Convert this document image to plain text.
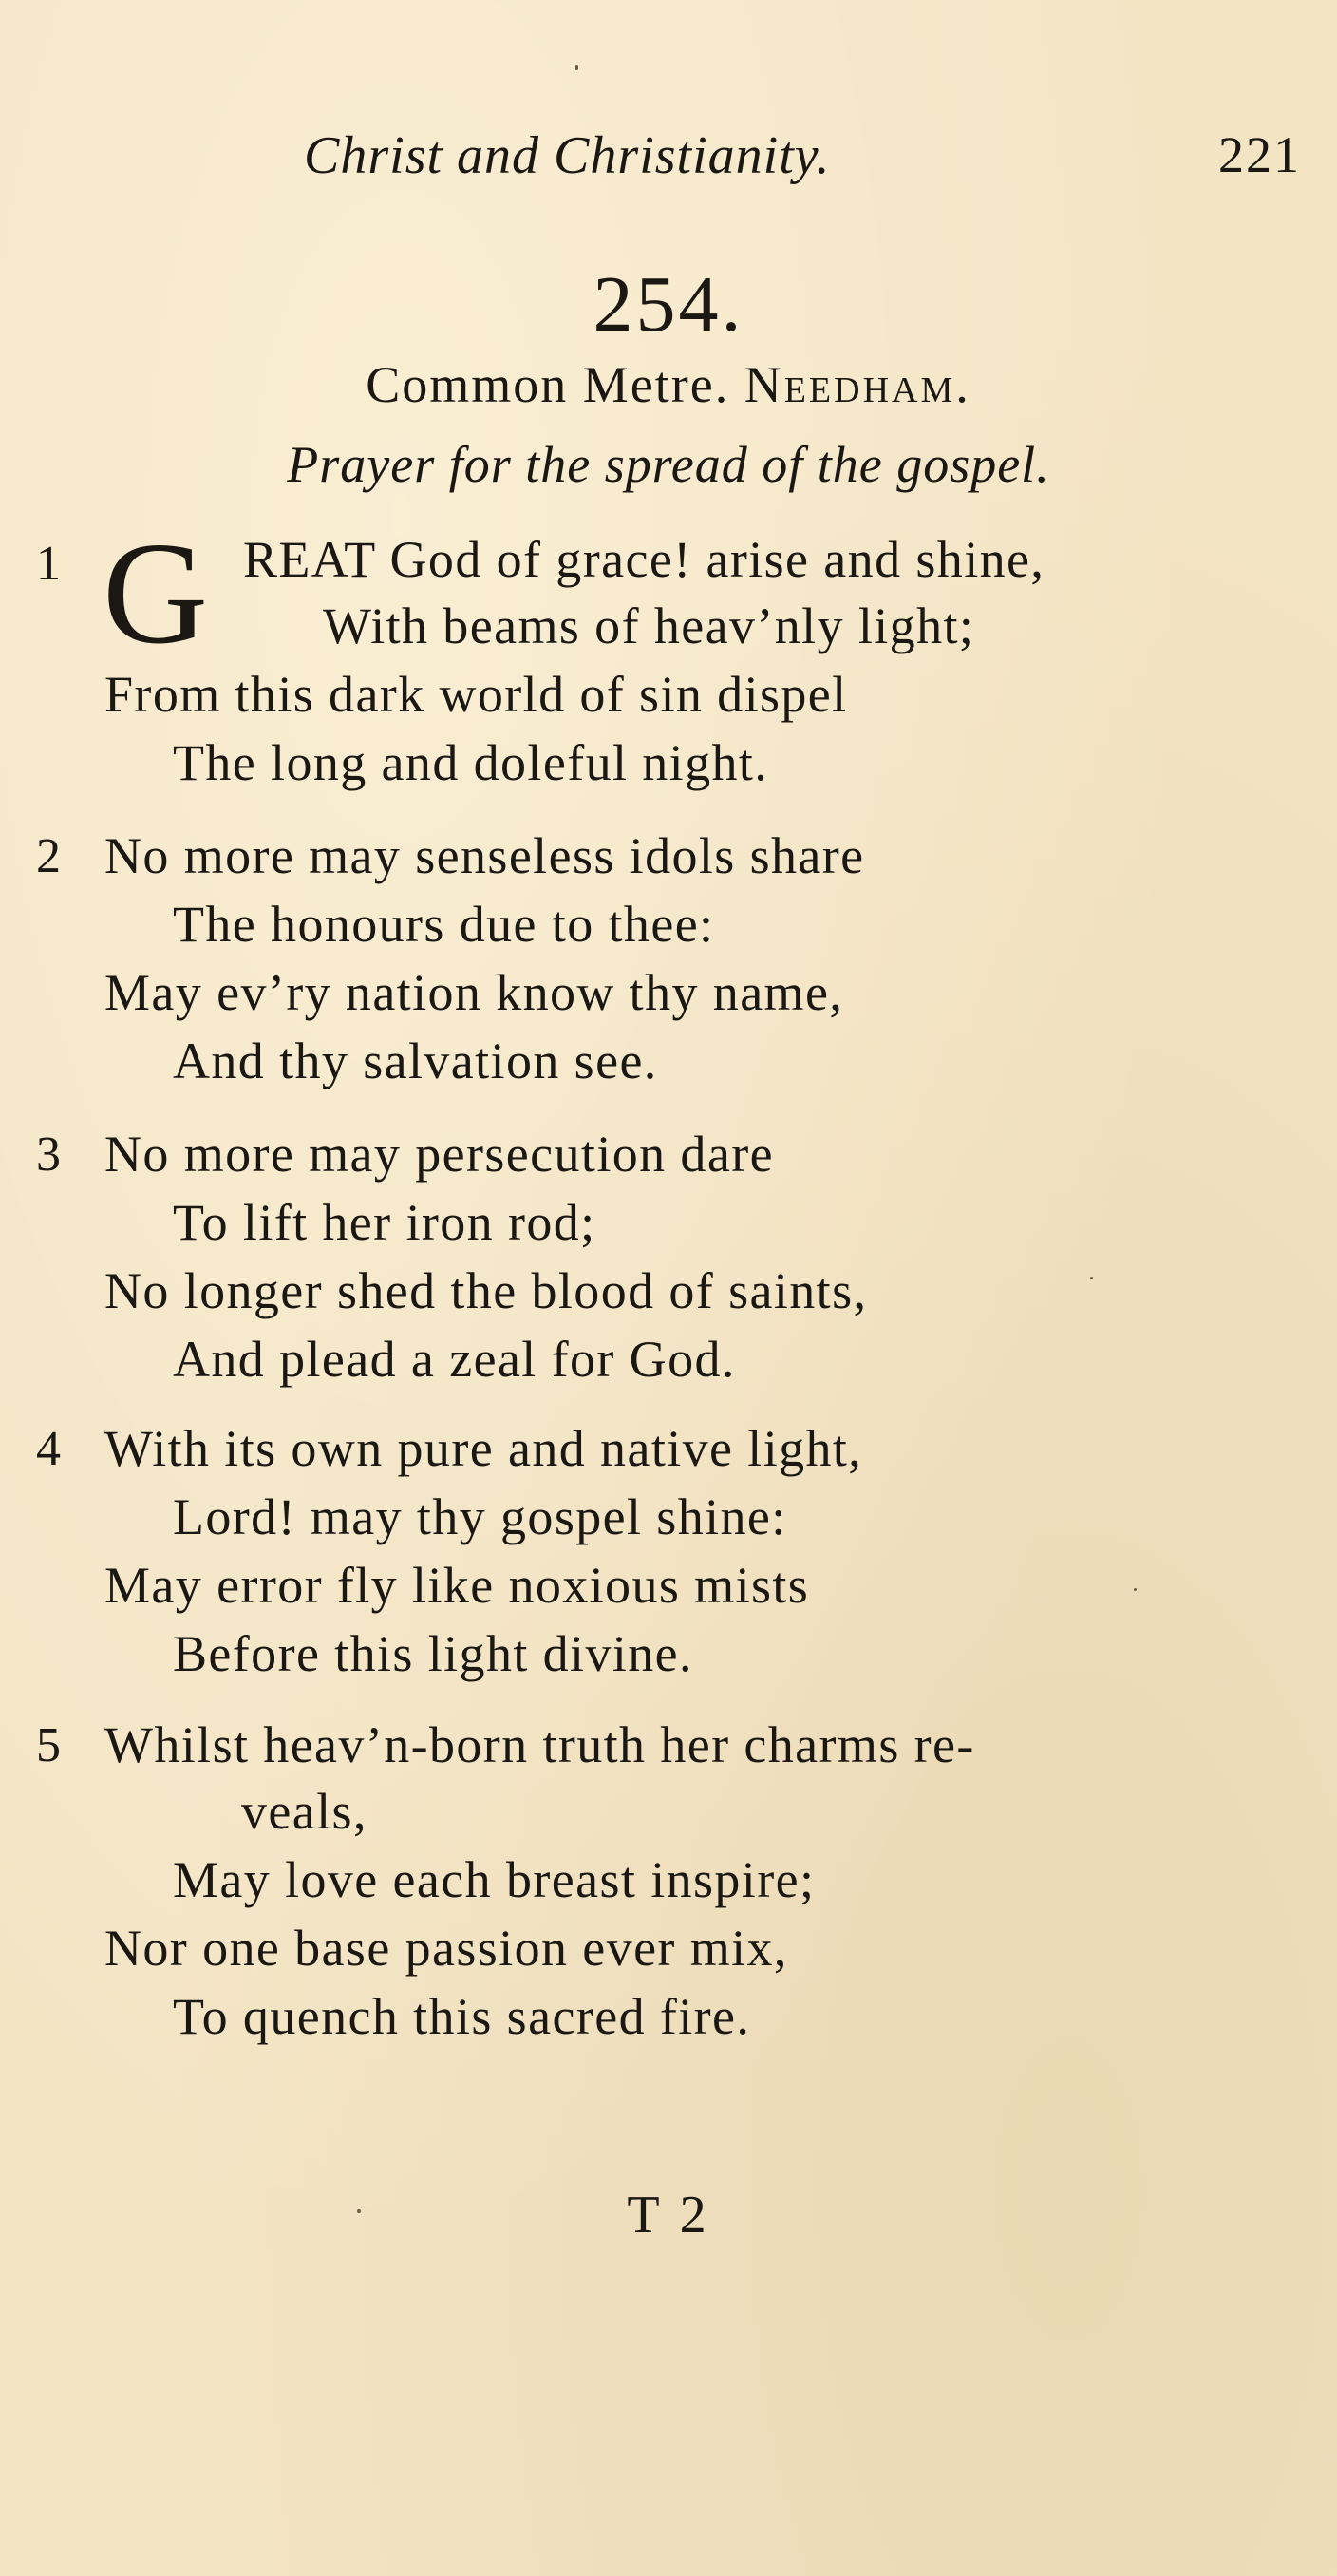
Christ and Christianity.	221
254.
Common Metre. Needham.
Prayer for the spread of the gospel.
1 G REAT God of grace! arise and shine,
With beams of heav’nly light;
From this dark world of sin dispel
The long and doleful night.
2 No more may senseless idols share
The honours due to thee:
May ev’ry nation know thy name,
And thy salvation see.
3 No more may persecution dare
To lift her iron rod;
No longer shed the blood of saints,
And plead a zeal for God.
4 With its own pure and native light,
Lord! may thy gospel shine:
May error fly like noxious mists
Before this light divine.
5 Whilst heav’n-born truth her charms re-
veals,
May love each breast inspire;
Nor one base passion ever mix,
To quench this sacred fire.
T 2
